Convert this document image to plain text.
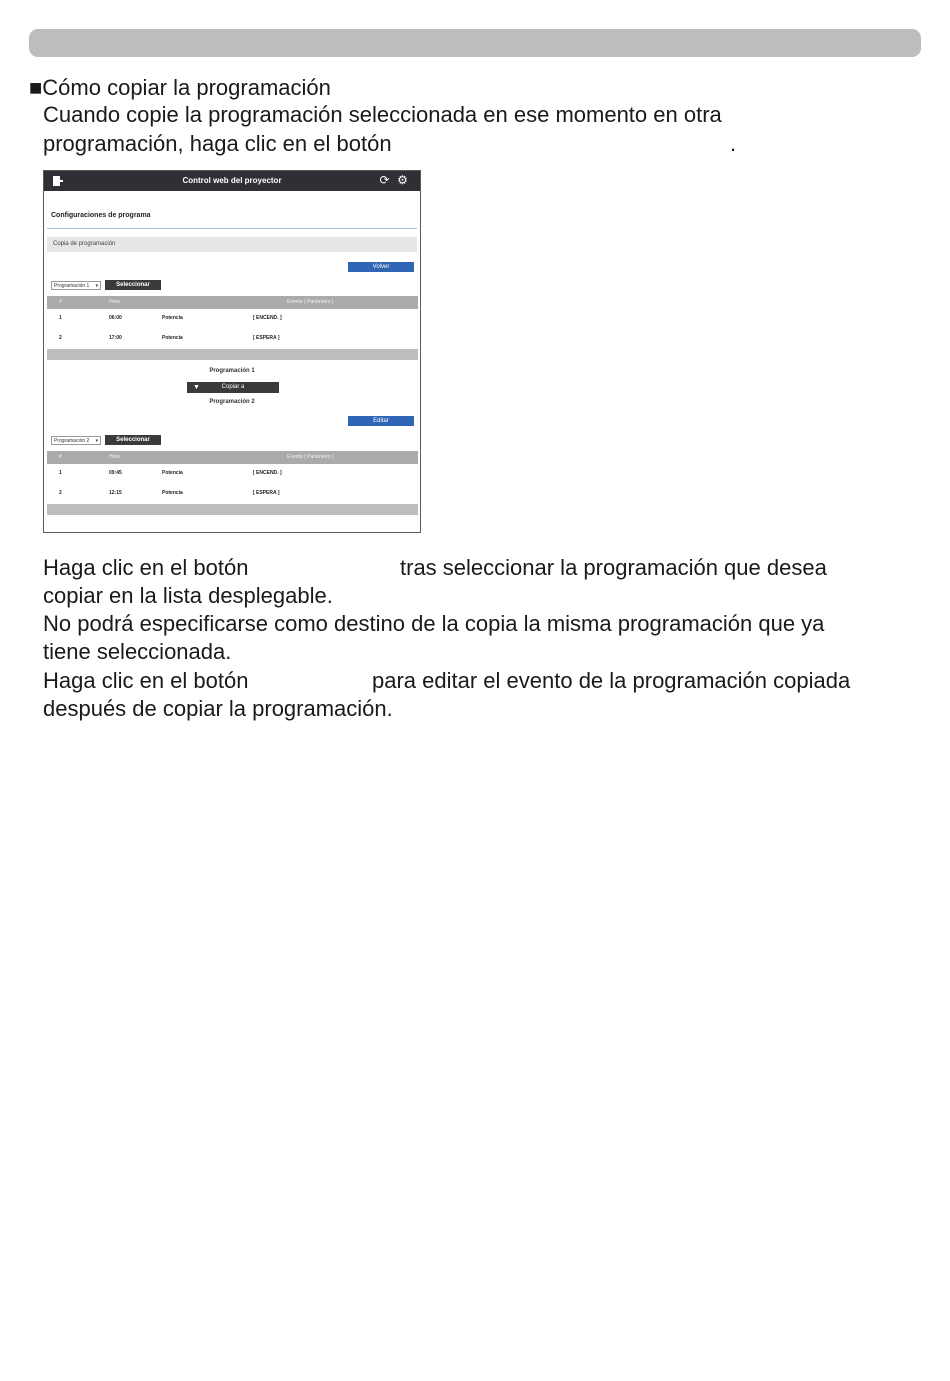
■Cómo copiar la programación
Cuando copie la programación seleccionada en ese momento en otra
programación, haga clic en el botón	.
Control web del proyector	⟳ ⚙
Configuraciones de programa
Copia de programación
Volver
Programación 1 ▾	Seleccionar
#	Hora	Evento ( Parámetro )
1	06:00	Potencia	[ ENCEND. ]
2	17:00	Potencia	[ ESPERA ]
Programación 1
▼	Copiar a
Programación 2
Editar
Programación 2 ▾	Seleccionar
#	Hora	Evento ( Parámetro )
1	09:45	Potencia	[ ENCEND. ]
2	12:15	Potencia	[ ESPERA ]
Haga clic en el botón	tras seleccionar la programación que desea
copiar en la lista desplegable.
No podrá especificarse como destino de la copia la misma programación que ya
tiene seleccionada.
Haga clic en el botón	para editar el evento de la programación copiada
después de copiar la programación.
